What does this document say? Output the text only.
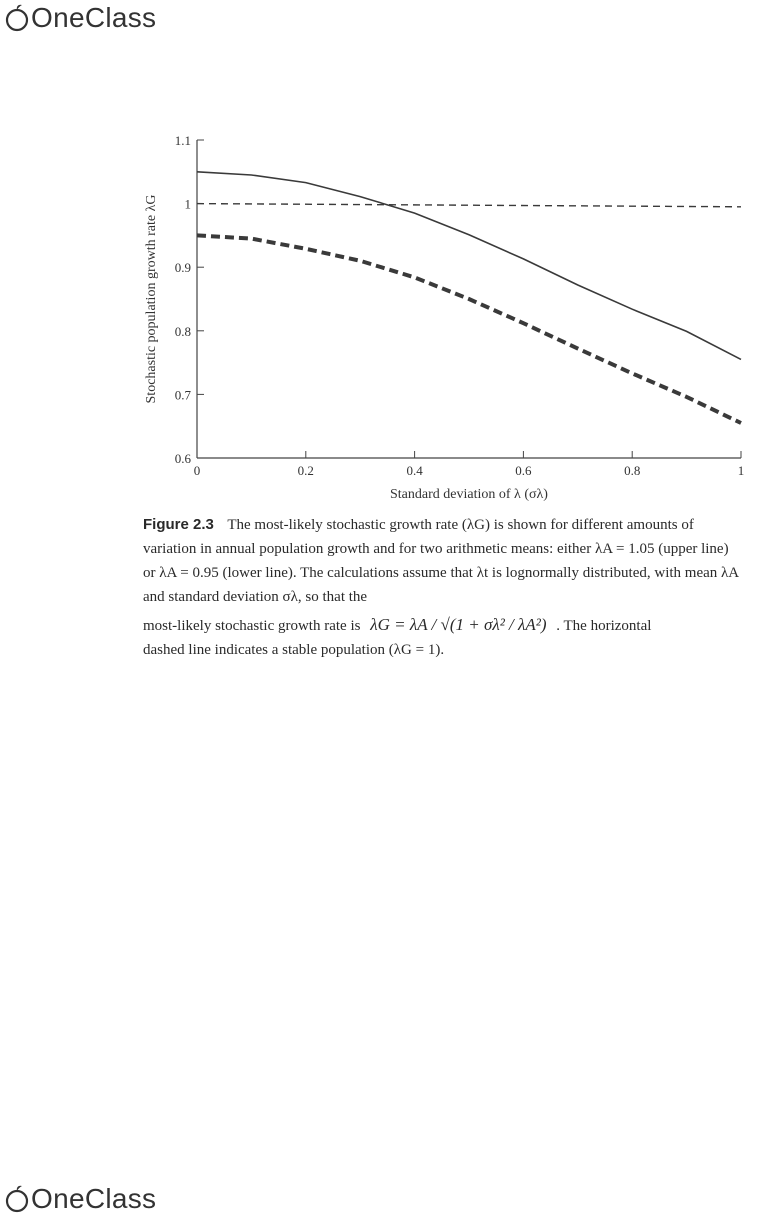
OneClass
0.6
0.7
0.8
0.9
1
1.1
0	0.2	0.4	0.6	0.8	1
Standard deviation of λ (σλ)
Stochastic population growth rate λG

Figure 2.3 The most-likely stochastic growth rate (λG) is shown for different amounts of variation in annual population growth and for two arithmetic means: either λA = 1.05 (upper line) or λA = 0.95 (lower line). The calculations assume that λt is lognormally distributed, with mean λA and standard deviation σλ, so that the

most-likely stochastic growth rate is λG = λA / √(1 + σλ² / λA²) . The horizontal

dashed line indicates a stable population (λG = 1).

OneClass
